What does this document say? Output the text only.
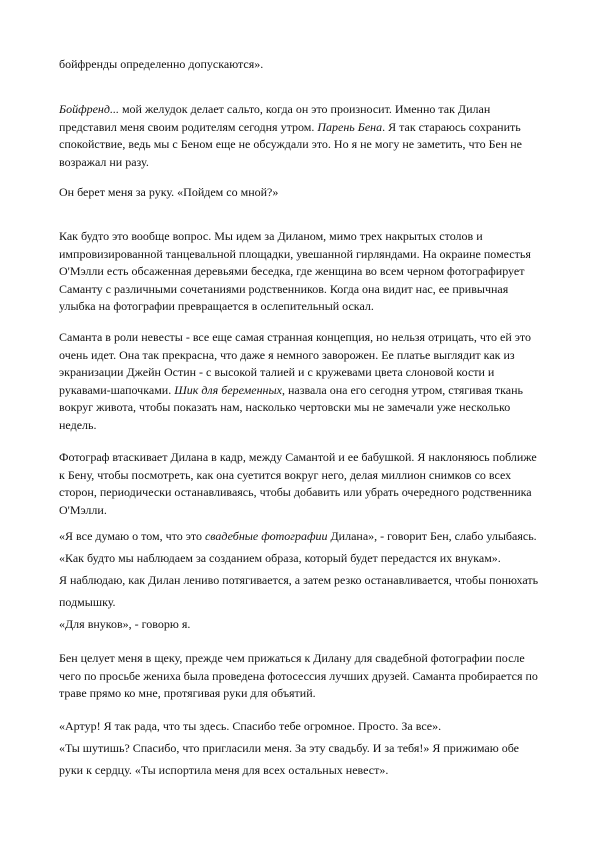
бойфренды определенно допускаются».
Бойфренд... мой желудок делает сальто, когда он это произносит. Именно так Дилан
представил меня своим родителям сегодня утром. Парень Бена. Я так стараюсь сохранить
спокойствие, ведь мы с Беном еще не обсуждали это. Но я не могу не заметить, что Бен не
возражал ни разу.
Он берет меня за руку. «Пойдем со мной?»
Как будто это вообще вопрос. Мы идем за Диланом, мимо трех накрытых столов и
импровизированной танцевальной площадки, увешанной гирляндами. На окраине поместья
О'Мэлли есть обсаженная деревьями беседка, где женщина во всем черном фотографирует
Саманту с различными сочетаниями родственников. Когда она видит нас, ее привычная
улыбка на фотографии превращается в ослепительный оскал.
Саманта в роли невесты - все еще самая странная концепция, но нельзя отрицать, что ей это
очень идет. Она так прекрасна, что даже я немного заворожен. Ее платье выглядит как из
экранизации Джейн Остин - с высокой талией и с кружевами цвета слоновой кости и
рукавами-шапочками. Шик для беременных, назвала она его сегодня утром, стягивая ткань
вокруг живота, чтобы показать нам, насколько чертовски мы не замечали уже несколько
недель.
Фотограф втаскивает Дилана в кадр, между Самантой и ее бабушкой. Я наклоняюсь поближе
к Бену, чтобы посмотреть, как она суетится вокруг него, делая миллион снимков со всех
сторон, периодически останавливаясь, чтобы добавить или убрать очередного родственника
О'Мэлли.
«Я все думаю о том, что это свадебные фотографии Дилана», - говорит Бен, слабо улыбаясь.
«Как будто мы наблюдаем за созданием образа, который будет передастся их внукам».
Я наблюдаю, как Дилан лениво потягивается, а затем резко останавливается, чтобы понюхать
подмышку.
«Для внуков», - говорю я.
Бен целует меня в щеку, прежде чем прижаться к Дилану для свадебной фотографии после
чего по просьбе жениха была проведена фотосессия лучших друзей. Саманта пробирается по
траве прямо ко мне, протягивая руки для объятий.
«Артур! Я так рада, что ты здесь. Спасибо тебе огромное. Просто. За все».
«Ты шутишь? Спасибо, что пригласили меня. За эту свадьбу. И за тебя!» Я прижимаю обе
руки к сердцу. «Ты испортила меня для всех остальных невест».
